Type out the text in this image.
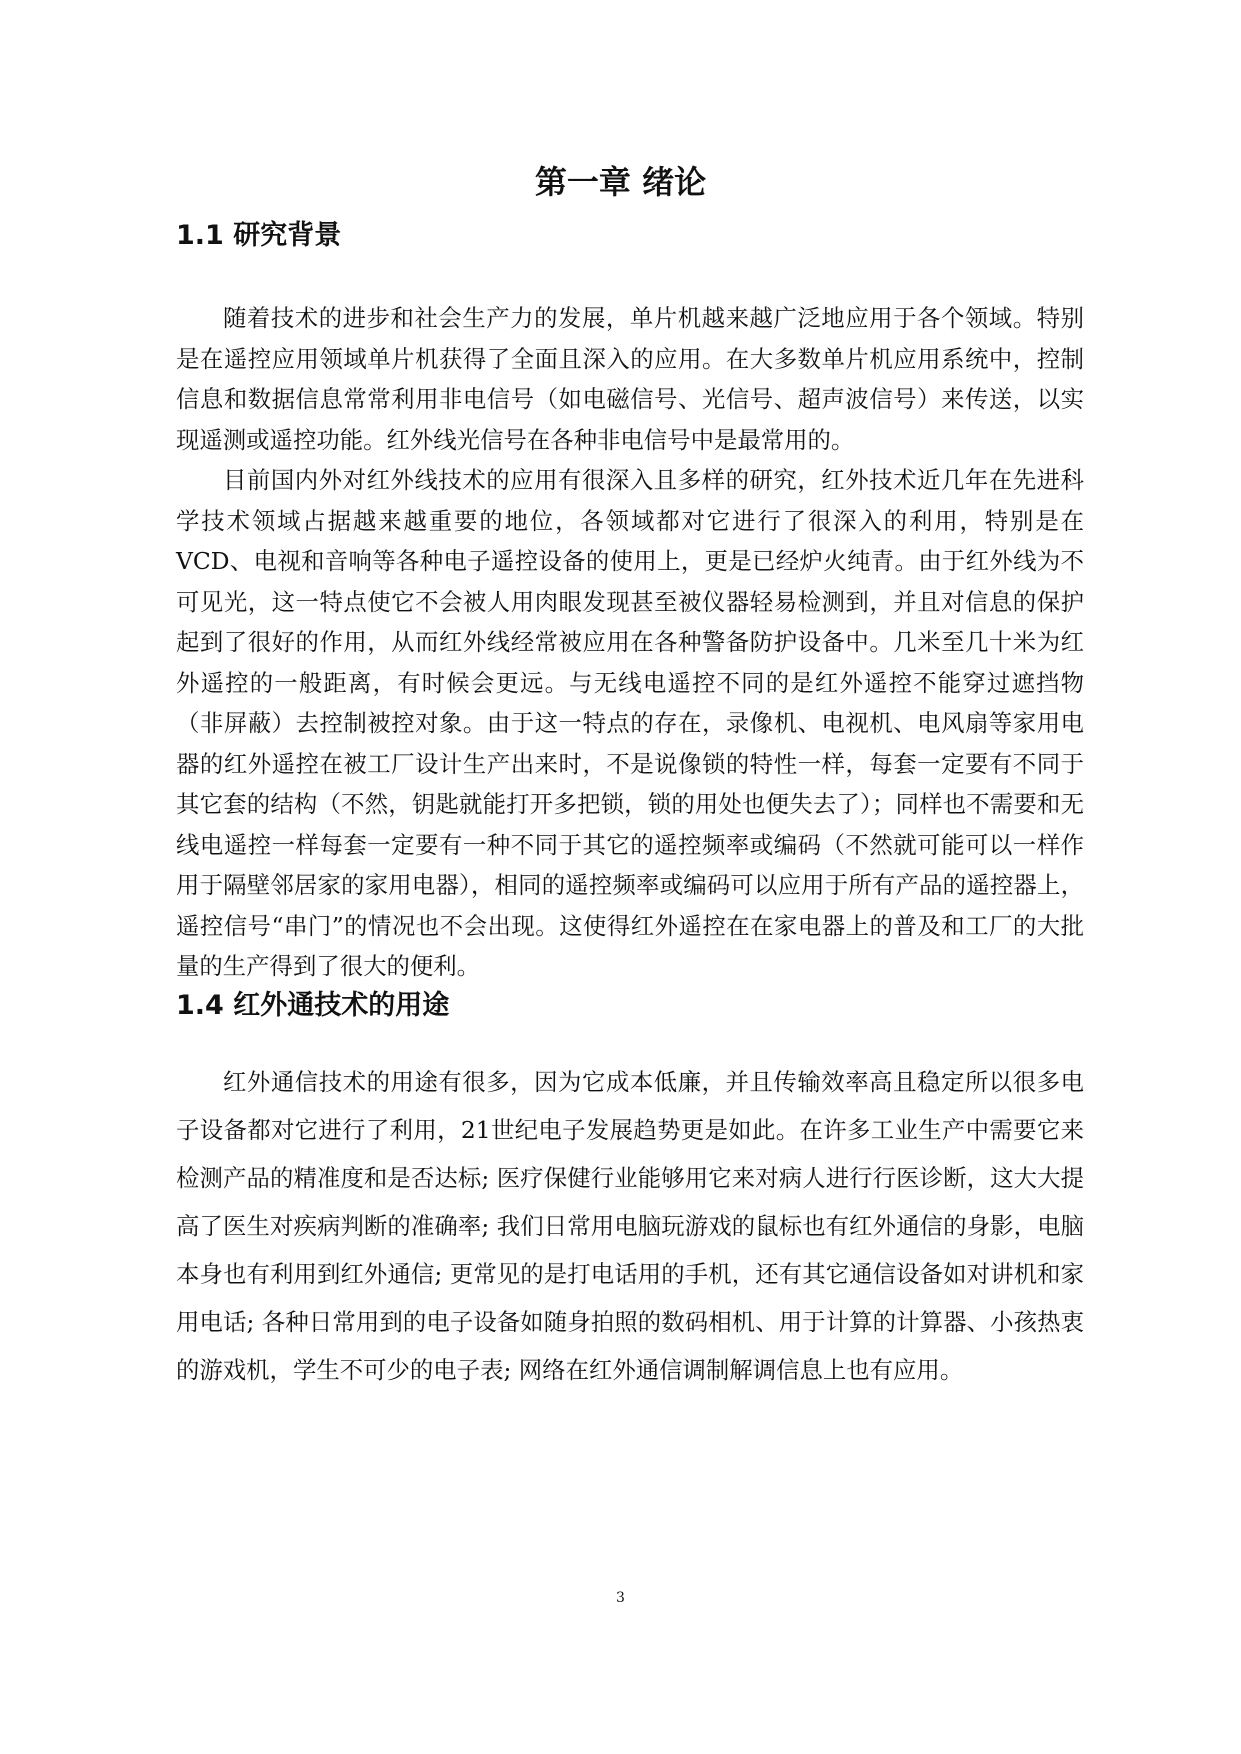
第一章 绪论
1.1 研究背景

随着技术的进步和社会生产力的发展，单片机越来越广泛地应用于各个领域。特别是在遥控应用领域单片机获得了全面且深入的应用。在大多数单片机应用系统中，控制信息和数据信息常常利用非电信号（如电磁信号、光信号、超声波信号）来传送，以实现遥测或遥控功能。红外线光信号在各种非电信号中是最常用的。

目前国内外对红外线技术的应用有很深入且多样的研究，红外技术近几年在先进科学技术领域占据越来越重要的地位，各领域都对它进行了很深入的利用，特别是在VCD、电视和音响等各种电子遥控设备的使用上，更是已经炉火纯青。由于红外线为不可见光，这一特点使它不会被人用肉眼发现甚至被仪器轻易检测到，并且对信息的保护起到了很好的作用，从而红外线经常被应用在各种警备防护设备中。几米至几十米为红外遥控的一般距离，有时候会更远。与无线电遥控不同的是红外遥控不能穿过遮挡物（非屏蔽）去控制被控对象。由于这一特点的存在，录像机、电视机、电风扇等家用电器的红外遥控在被工厂设计生产出来时，不是说像锁的特性一样，每套一定要有不同于其它套的结构（不然，钥匙就能打开多把锁，锁的用处也便失去了）；同样也不需要和无线电遥控一样每套一定要有一种不同于其它的遥控频率或编码（不然就可能可以一样作用于隔壁邻居家的家用电器），相同的遥控频率或编码可以应用于所有产品的遥控器上，遥控信号“串门”的情况也不会出现。这使得红外遥控在在家电器上的普及和工厂的大批量的生产得到了很大的便利。

1.4 红外通技术的用途

红外通信技术的用途有很多，因为它成本低廉，并且传输效率高且稳定所以很多电子设备都对它进行了利用，21世纪电子发展趋势更是如此。在许多工业生产中需要它来检测产品的精准度和是否达标; 医疗保健行业能够用它来对病人进行行医诊断，这大大提高了医生对疾病判断的准确率; 我们日常用电脑玩游戏的鼠标也有红外通信的身影，电脑本身也有利用到红外通信; 更常见的是打电话用的手机，还有其它通信设备如对讲机和家用电话; 各种日常用到的电子设备如随身拍照的数码相机、用于计算的计算器、小孩热衷的游戏机，学生不可少的电子表; 网络在红外通信调制解调信息上也有应用。

3
